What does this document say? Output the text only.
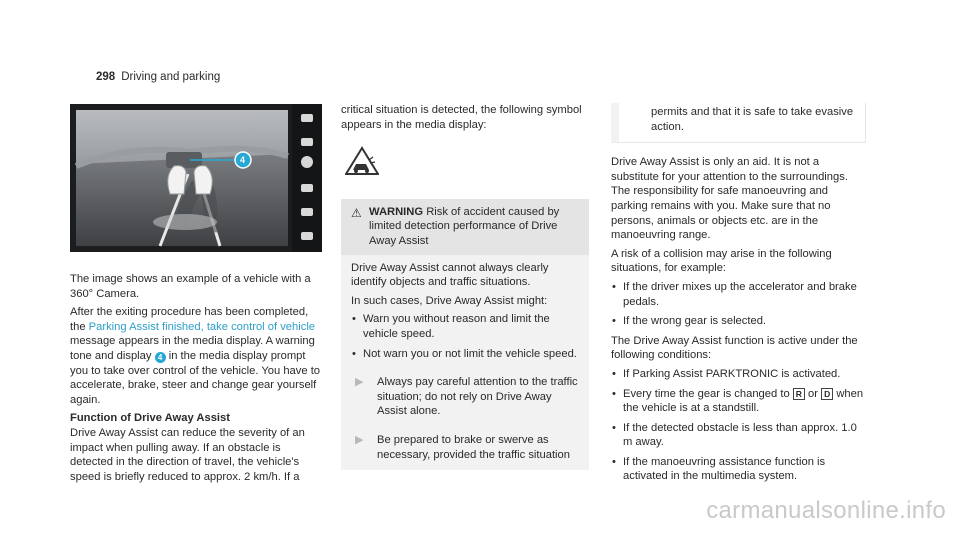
298 Driving and parking
4

The image shows an example of a vehicle with a 360° Camera.

After the exiting procedure has been completed, the Parking Assist finished, take control of vehicle message appears in the media display. A warning tone and display 4 in the media display prompt you to take over control of the vehicle. You have to accelerate, brake, steer and change gear yourself again.

Function of Drive Away Assist

Drive Away Assist can reduce the severity of an impact when pulling away. If an obstacle is detected in the direction of travel, the vehicle's speed is briefly reduced to approx. 2 km/h. If a

critical situation is detected, the following symbol appears in the media display:

⚠ WARNING Risk of accident caused by limited detection performance of Drive Away Assist

Drive Away Assist cannot always clearly identify objects and traffic situations.

In such cases, Drive Away Assist might:

• Warn you without reason and limit the vehicle speed.
• Not warn you or not limit the vehicle speed.
▶	Always pay careful attention to the traffic situation; do not rely on Drive Away Assist alone.
▶	Be prepared to brake or swerve as necessary, provided the traffic situation
permits and that it is safe to take evasive action.

Drive Away Assist is only an aid. It is not a substitute for your attention to the surroundings. The responsibility for safe manoeuvring and parking remains with you. Make sure that no persons, animals or objects etc. are in the manoeuvring range.

A risk of a collision may arise in the following situations, for example:

• If the driver mixes up the accelerator and brake pedals.
• If the wrong gear is selected.

The Drive Away Assist function is active under the following conditions:

• If Parking Assist PARKTRONIC is activated.
• Every time the gear is changed to R or D when the vehicle is at a standstill.
• If the detected obstacle is less than approx. 1.0 m away.
• If the manoeuvring assistance function is activated in the multimedia system.
carmanualsonline.info
